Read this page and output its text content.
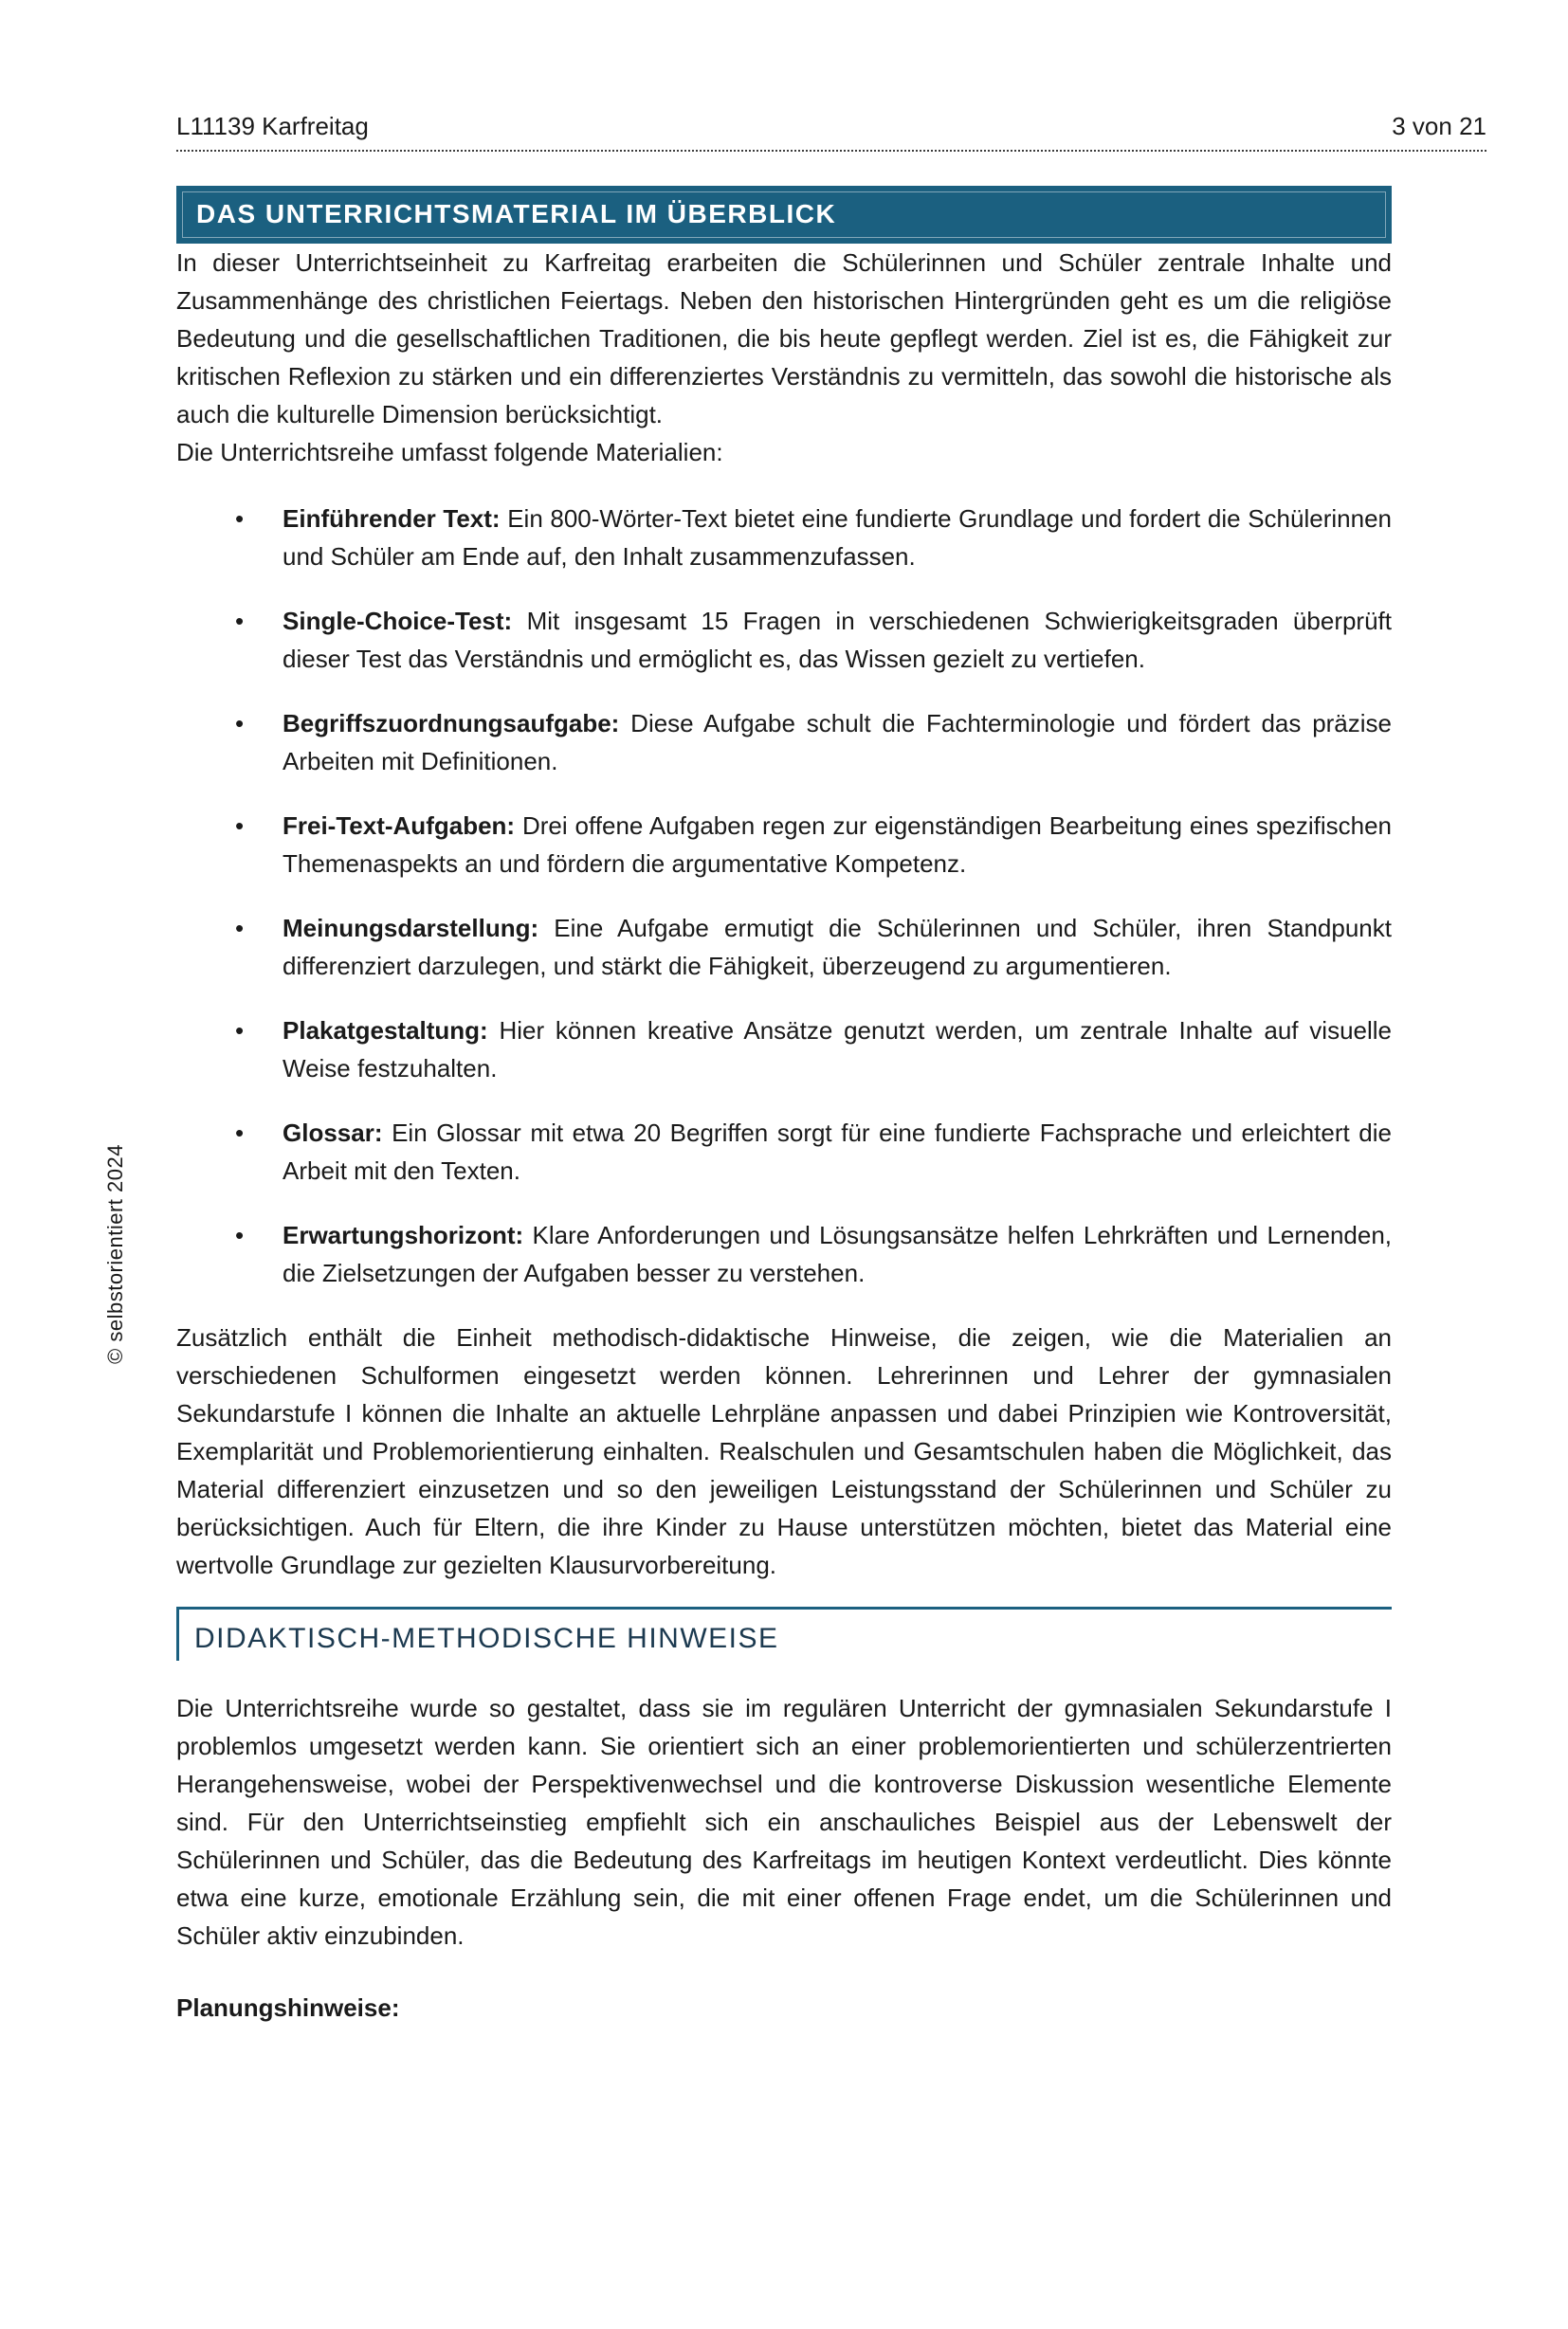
L11139 Karfreitag	3 von 21
DAS UNTERRICHTSMATERIAL IM ÜBERBLICK

In dieser Unterrichtseinheit zu Karfreitag erarbeiten die Schülerinnen und Schüler zentrale Inhalte und Zusammenhänge des christlichen Feiertags. Neben den historischen Hintergründen geht es um die religiöse Bedeutung und die gesellschaftlichen Traditionen, die bis heute gepflegt werden. Ziel ist es, die Fähigkeit zur kritischen Reflexion zu stärken und ein differenziertes Verständnis zu vermitteln, das sowohl die historische als auch die kulturelle Dimension berücksichtigt.

Die Unterrichtsreihe umfasst folgende Materialien:

• Einführender Text: Ein 800-Wörter-Text bietet eine fundierte Grundlage und fordert die Schülerinnen und Schüler am Ende auf, den Inhalt zusammenzufassen.
• Single-Choice-Test: Mit insgesamt 15 Fragen in verschiedenen Schwierigkeitsgraden überprüft dieser Test das Verständnis und ermöglicht es, das Wissen gezielt zu vertiefen.
• Begriffszuordnungsaufgabe: Diese Aufgabe schult die Fachterminologie und fördert das präzise Arbeiten mit Definitionen.
• Frei-Text-Aufgaben: Drei offene Aufgaben regen zur eigenständigen Bearbeitung eines spezifischen Themenaspekts an und fördern die argumentative Kompetenz.
• Meinungsdarstellung: Eine Aufgabe ermutigt die Schülerinnen und Schüler, ihren Standpunkt differenziert darzulegen, und stärkt die Fähigkeit, überzeugend zu argumentieren.
• Plakatgestaltung: Hier können kreative Ansätze genutzt werden, um zentrale Inhalte auf visuelle Weise festzuhalten.
• Glossar: Ein Glossar mit etwa 20 Begriffen sorgt für eine fundierte Fachsprache und erleichtert die Arbeit mit den Texten.
• Erwartungshorizont: Klare Anforderungen und Lösungsansätze helfen Lehrkräften und Lernenden, die Zielsetzungen der Aufgaben besser zu verstehen.

Zusätzlich enthält die Einheit methodisch-didaktische Hinweise, die zeigen, wie die Materialien an verschiedenen Schulformen eingesetzt werden können. Lehrerinnen und Lehrer der gymnasialen Sekundarstufe I können die Inhalte an aktuelle Lehrpläne anpassen und dabei Prinzipien wie Kontroversität, Exemplarität und Problemorientierung einhalten. Realschulen und Gesamtschulen haben die Möglichkeit, das Material differenziert einzusetzen und so den jeweiligen Leistungsstand der Schülerinnen und Schüler zu berücksichtigen. Auch für Eltern, die ihre Kinder zu Hause unterstützen möchten, bietet das Material eine wertvolle Grundlage zur gezielten Klausurvorbereitung.

DIDAKTISCH-METHODISCHE HINWEISE

Die Unterrichtsreihe wurde so gestaltet, dass sie im regulären Unterricht der gymnasialen Sekundarstufe I problemlos umgesetzt werden kann. Sie orientiert sich an einer problemorientierten und schülerzentrierten Herangehensweise, wobei der Perspektivenwechsel und die kontroverse Diskussion wesentliche Elemente sind. Für den Unterrichtseinstieg empfiehlt sich ein anschauliches Beispiel aus der Lebenswelt der Schülerinnen und Schüler, das die Bedeutung des Karfreitags im heutigen Kontext verdeutlicht. Dies könnte etwa eine kurze, emotionale Erzählung sein, die mit einer offenen Frage endet, um die Schülerinnen und Schüler aktiv einzubinden.

Planungshinweise:

© selbstorientiert 2024
